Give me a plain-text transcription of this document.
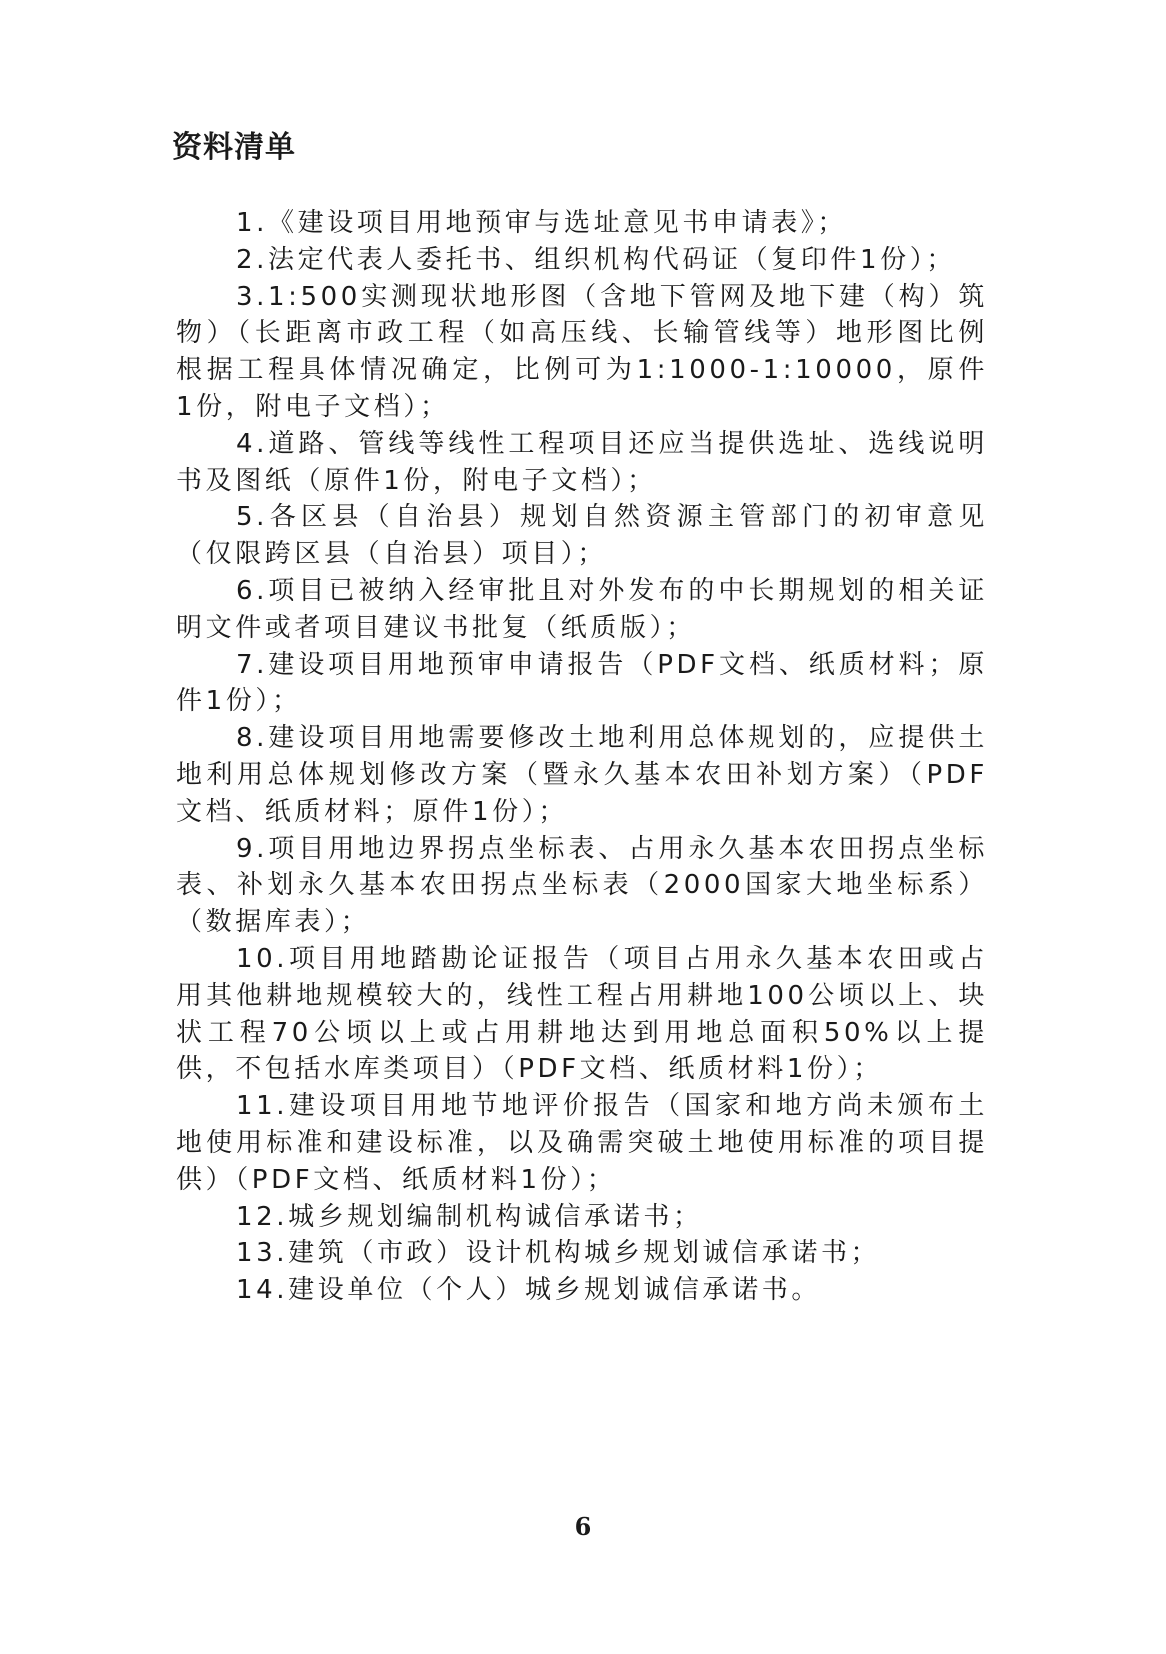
资料清单
1.《建设项目用地预审与选址意见书申请表》；
2.法定代表人委托书、组织机构代码证（复印件1份）；
3.1:500实测现状地形图（含地下管网及地下建（构）筑物）（长距离市政工程（如高压线、长输管线等）地形图比例根据工程具体情况确定，比例可为1:1000-1:10000，原件1份，附电子文档）；
4.道路、管线等线性工程项目还应当提供选址、选线说明书及图纸（原件1份，附电子文档）；
5.各区县（自治县）规划自然资源主管部门的初审意见（仅限跨区县（自治县）项目）；
6.项目已被纳入经审批且对外发布的中长期规划的相关证明文件或者项目建议书批复（纸质版）；
7.建设项目用地预审申请报告（PDF文档、纸质材料；原件1份）；
8.建设项目用地需要修改土地利用总体规划的，应提供土地利用总体规划修改方案（暨永久基本农田补划方案）（PDF文档、纸质材料；原件1份）；
9.项目用地边界拐点坐标表、占用永久基本农田拐点坐标表、补划永久基本农田拐点坐标表（2000国家大地坐标系）（数据库表）；
10.项目用地踏勘论证报告（项目占用永久基本农田或占用其他耕地规模较大的，线性工程占用耕地100公顷以上、块状工程70公顷以上或占用耕地达到用地总面积50%以上提供，不包括水库类项目）（PDF文档、纸质材料1份）；
11.建设项目用地节地评价报告（国家和地方尚未颁布土地使用标准和建设标准，以及确需突破土地使用标准的项目提供）（PDF文档、纸质材料1份）；
12.城乡规划编制机构诚信承诺书；
13.建筑（市政）设计机构城乡规划诚信承诺书；
14.建设单位（个人）城乡规划诚信承诺书。
6
